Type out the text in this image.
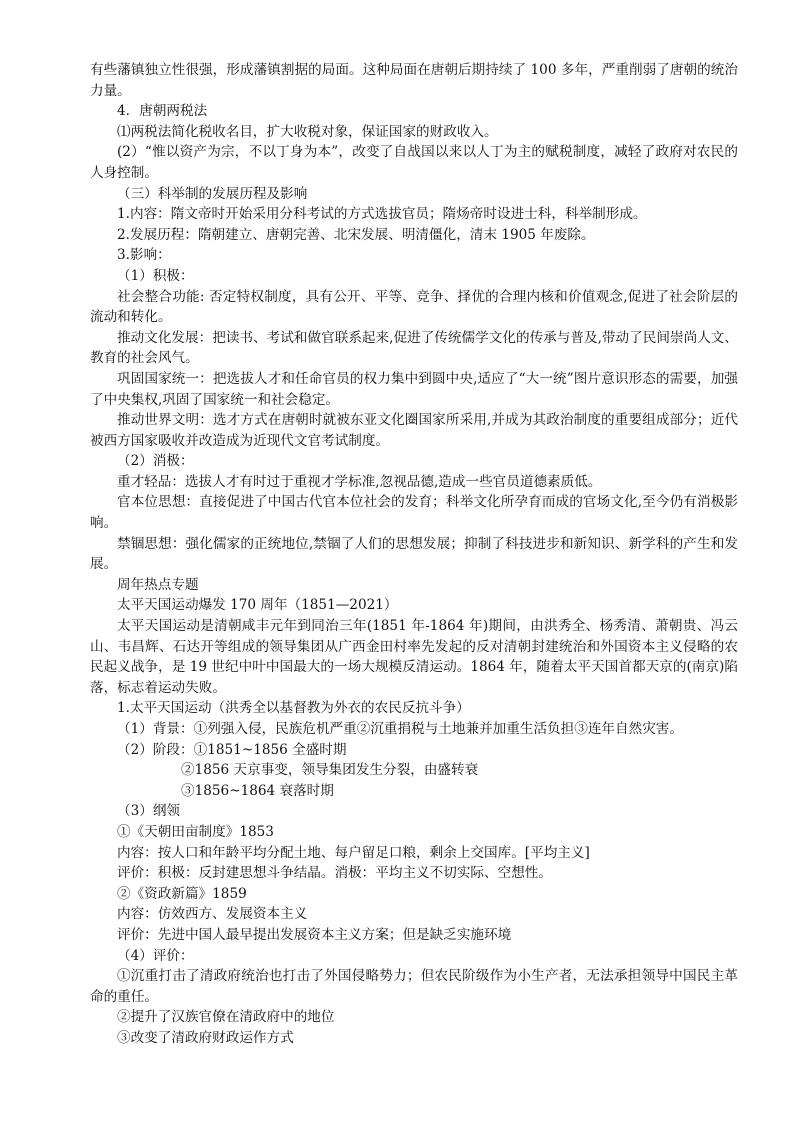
有些藩镇独立性很强，形成藩镇割据的局面。这种局面在唐朝后期持续了 100 多年，严重削弱了唐朝的统治力量。

4．唐朝两税法

⑴两税法简化税收名目，扩大收税对象，保证国家的财政收入。

(2）“惟以资产为宗，不以丁身为本”，改变了自战国以来以人丁为主的赋税制度，减轻了政府对农民的人身控制。

（三）科举制的发展历程及影响

1.内容：隋文帝时开始采用分科考试的方式选拔官员；隋炀帝时设进士科，科举制形成。

2.发展历程：隋朝建立、唐朝完善、北宋发展、明清僵化，清末 1905 年废除。

3.影响：

（1）积极：

社会整合功能: 否定特权制度，具有公开、平等、竞争、择优的合理内核和价值观念,促进了社会阶层的流动和转化。

推动文化发展：把读书、考试和做官联系起来,促进了传统儒学文化的传承与普及,带动了民间崇尚人文、教育的社会风气。

巩固国家统一：把选拔人才和任命官员的权力集中到圆中央,适应了“大一统”图片意识形态的需要，加强了中央集权,巩固了国家统一和社会稳定。

推动世界文明：选才方式在唐朝时就被东亚文化圈国家所采用,并成为其政治制度的重要组成部分；近代被西方国家吸收并改造成为近现代文官考试制度。

（2）消极：

重才轻品：选拔人才有时过于重视才学标准,忽视品德,造成一些官员道德素质低。

官本位思想：直接促进了中国古代官本位社会的发育；科举文化所孕育而成的官场文化,至今仍有消极影响。

禁锢思想：强化儒家的正统地位,禁锢了人们的思想发展；抑制了科技进步和新知识、新学科的产生和发展。

周年热点专题

太平天国运动爆发 170 周年（1851—2021）

太平天国运动是清朝咸丰元年到同治三年(1851 年-1864 年)期间，由洪秀全、杨秀清、萧朝贵、冯云山、韦昌辉、石达开等组成的领导集团从广西金田村率先发起的反对清朝封建统治和外国资本主义侵略的农民起义战争，是 19 世纪中叶中国最大的一场大规模反清运动。1864 年，随着太平天国首都天京的(南京)陷落，标志着运动失败。

1.太平天国运动（洪秀全以基督教为外衣的农民反抗斗争）

（1）背景：①列强入侵，民族危机严重②沉重捐税与土地兼并加重生活负担③连年自然灾害。

（2）阶段：①1851~1856 全盛时期

②1856 天京事变，领导集团发生分裂，由盛转衰

③1856~1864 衰落时期

（3）纲领

①《天朝田亩制度》1853

内容：按人口和年龄平均分配土地、每户留足口粮，剩余上交国库。[平均主义]

评价：积极：反封建思想斗争结晶。消极：平均主义不切实际、空想性。

②《资政新篇》1859

内容：仿效西方、发展资本主义

评价：先进中国人最早提出发展资本主义方案；但是缺乏实施环境

（4）评价：

①沉重打击了清政府统治也打击了外国侵略势力；但农民阶级作为小生产者，无法承担领导中国民主革命的重任。

②提升了汉族官僚在清政府中的地位

③改变了清政府财政运作方式
